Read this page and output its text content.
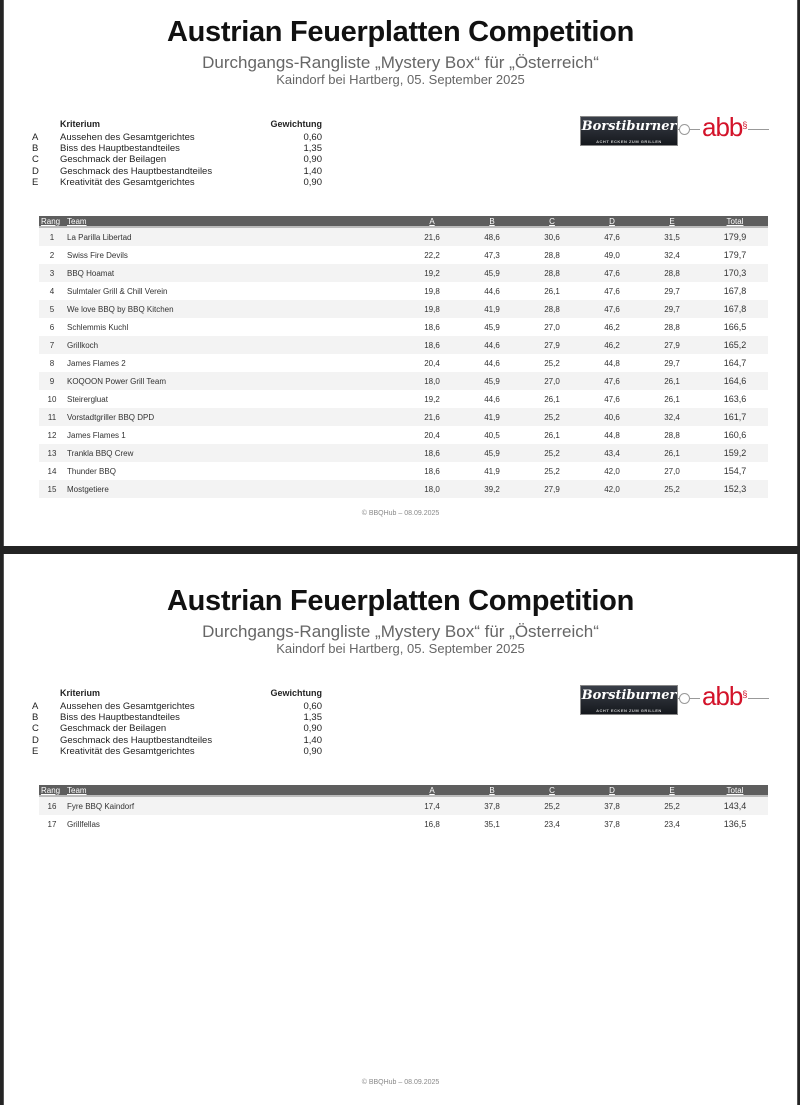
Austrian Feuerplatten Competition
Durchgangs-Rangliste „Mystery Box“ für „Österreich“
Kaindorf bei Hartberg, 05. September 2025
Kriterium	Gewichtung
A	Aussehen des Gesamtgerichtes	0,60
B	Biss des Hauptbestandteiles	1,35
C	Geschmack der Beilagen	0,90
D	Geschmack des Hauptbestandteiles	1,40
E	Kreativität des Gesamtgerichtes	0,90
Borstiburner
ACHT ECKEN ZUM GRILLEN	abb§
Rang	Team	A	B	C	D	E	Total
1	La Parilla Libertad	21,6	48,6	30,6	47,6	31,5	179,9
2	Swiss Fire Devils	22,2	47,3	28,8	49,0	32,4	179,7
3	BBQ Hoamat	19,2	45,9	28,8	47,6	28,8	170,3
4	Sulmtaler Grill & Chill Verein	19,8	44,6	26,1	47,6	29,7	167,8
5	We love BBQ by BBQ Kitchen	19,8	41,9	28,8	47,6	29,7	167,8
6	Schlemmis Kuchl	18,6	45,9	27,0	46,2	28,8	166,5
7	Grillkoch	18,6	44,6	27,9	46,2	27,9	165,2
8	James Flames 2	20,4	44,6	25,2	44,8	29,7	164,7
9	KOQOON Power Grill Team	18,0	45,9	27,0	47,6	26,1	164,6
10	Steirergluat	19,2	44,6	26,1	47,6	26,1	163,6
11	Vorstadtgriller BBQ DPD	21,6	41,9	25,2	40,6	32,4	161,7
12	James Flames 1	20,4	40,5	26,1	44,8	28,8	160,6
13	Trankla BBQ Crew	18,6	45,9	25,2	43,4	26,1	159,2
14	Thunder BBQ	18,6	41,9	25,2	42,0	27,0	154,7
15	Mostgetiere	18,0	39,2	27,9	42,0	25,2	152,3
© BBQHub – 08.09.2025
Austrian Feuerplatten Competition
Durchgangs-Rangliste „Mystery Box“ für „Österreich“
Kaindorf bei Hartberg, 05. September 2025
Kriterium	Gewichtung
A	Aussehen des Gesamtgerichtes	0,60
B	Biss des Hauptbestandteiles	1,35
C	Geschmack der Beilagen	0,90
D	Geschmack des Hauptbestandteiles	1,40
E	Kreativität des Gesamtgerichtes	0,90
Borstiburner
ACHT ECKEN ZUM GRILLEN	abb§
Rang	Team	A	B	C	D	E	Total
16	Fyre BBQ Kaindorf	17,4	37,8	25,2	37,8	25,2	143,4
17	Grillfellas	16,8	35,1	23,4	37,8	23,4	136,5
© BBQHub – 08.09.2025
